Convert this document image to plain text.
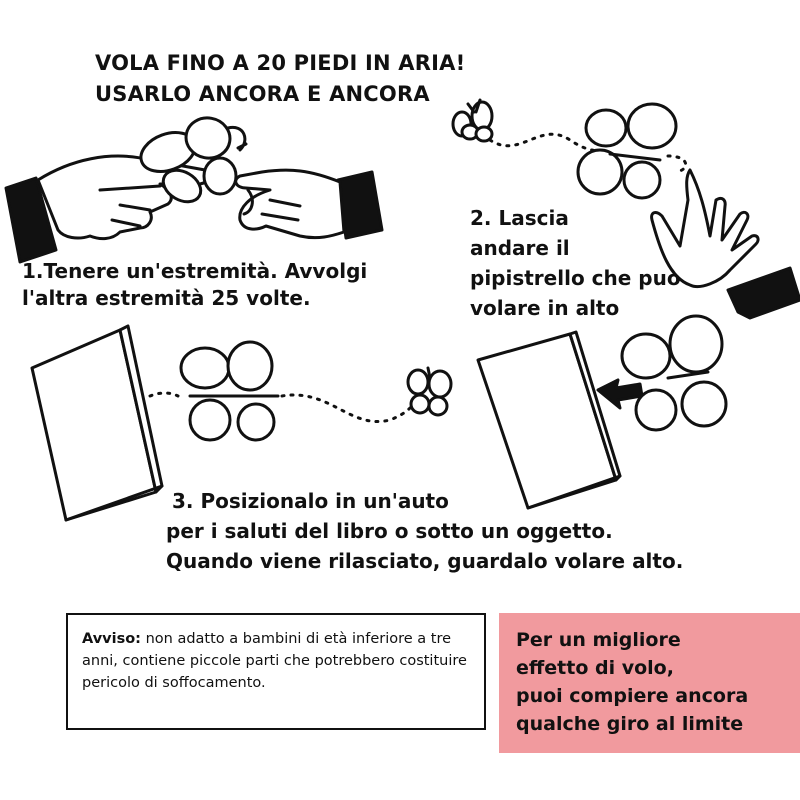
VOLA FINO A 20 PIEDI IN ARIA!
USARLO ANCORA E ANCORA
1.Tenere un'estremità. Avvolgi
l'altra estremità 25 volte.
2. Lascia
andare il
pipistrello che può
volare in alto
3. Posizionalo in un'auto
per i saluti del libro o sotto un oggetto.
Quando viene rilasciato, guardalo volare alto.
Avviso: non adatto a bambini di età inferiore a tre anni, contiene piccole parti che potrebbero costituire pericolo di soffocamento.
Per un migliore
effetto di volo,
puoi compiere ancora
qualche giro al limite
